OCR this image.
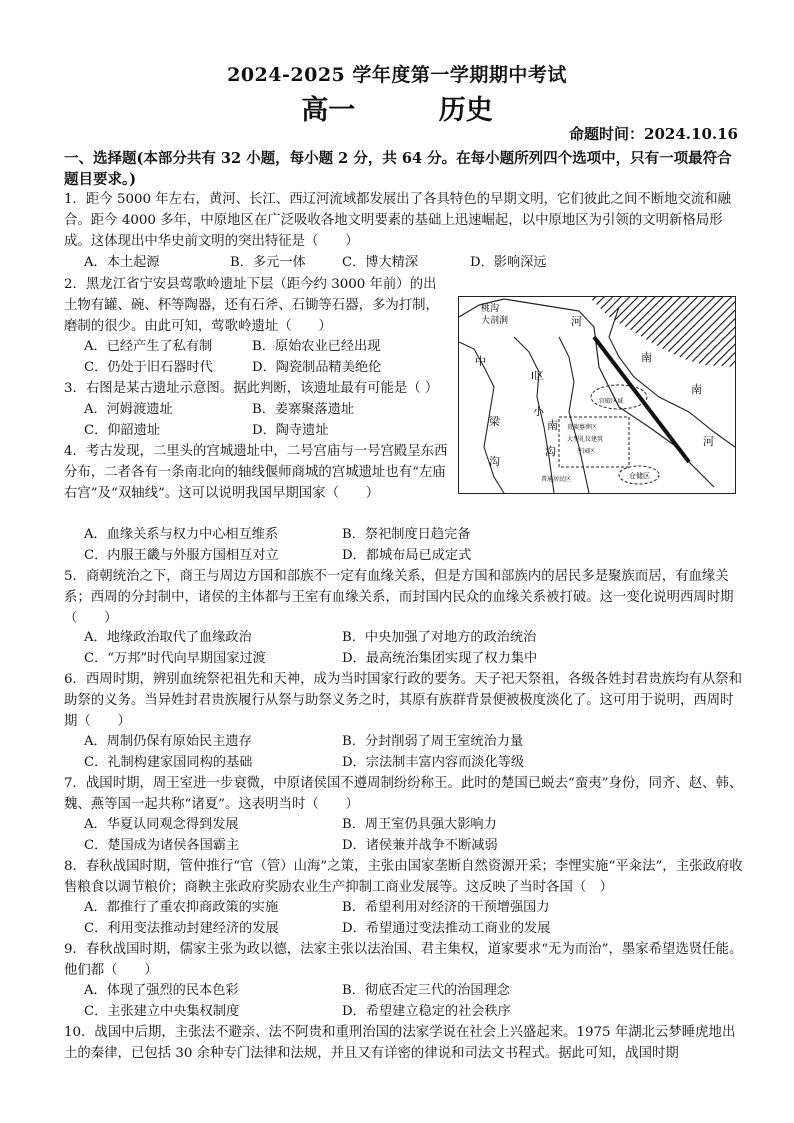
2024-2025 学年度第一学期期中考试
高一	历史
命题时间：2024.10.16
一、选择题(本部分共有 32 小题，每小题 2 分，共 64 分。在每小题所列四个选项中，只有一项最符合题目要求。)
1．距今 5000 年左右，黄河、长江、西辽河流域都发展出了各具特色的早期文明，它们彼此之间不断地交流和融合。距今 4000 多年，中原地区在广泛吸收各地文明要素的基础上迅速崛起，以中原地区为引领的文明新格局形成。这体现出中华史前文明的突出特征是（　　）
A．本土起源	B．多元一体	C．博大精深	D．影响深远
2．黑龙江省宁安县莺歌岭遗址下层（距今约 3000 年前）的出土物有罐、碗、杯等陶器，还有石斧、石锄等石器，多为打制，磨制的很少。由此可知，莺歌岭遗址（　　）
桃沟
大剖涧	河
I区
中
梁
沟
小
南
沟
南
南
河
宫殿区域
贵族墓葬区
大型礼仪建筑
庄园区
仓储区
普通居民区
A．已经产生了私有制	B．原始农业已经出现
C．仍处于旧石器时代	D．陶瓷制品精美绝伦
3．右图是某古遗址示意图。据此判断，该遗址最有可能是（ ）
A．河姆渡遗址	B．姜寨聚落遗址
C．仰韶遗址	D．陶寺遗址
4．考古发现，二里头的宫城遗址中，二号宫庙与一号宫殿呈东西分布，二者各有一条南北向的轴线偃师商城的宫城遗址也有“左庙右宫”及“双轴线”。这可以说明我国早期国家（　　）
A．血缘关系与权力中心相互维系	B．祭祀制度日趋完备
C．内服王畿与外服方国相互对立	D．都城布局已成定式
5．商朝统治之下，商王与周边方国和部族不一定有血缘关系，但是方国和部族内的居民多是聚族而居，有血缘关系；西周的分封制中，诸侯的主体都与王室有血缘关系，而封国内民众的血缘关系被打破。这一变化说明西周时期（　　）
A．地缘政治取代了血缘政治	B．中央加强了对地方的政治统治
C．“万邦”时代向早期国家过渡	D．最高统治集团实现了权力集中
6．西周时期，辨别血统祭祀祖先和天神，成为当时国家行政的要务。天子祀天祭祖，各级各姓封君贵族均有从祭和助祭的义务。当异姓封君贵族履行从祭与助祭义务之时，其原有族群背景便被极度淡化了。这可用于说明，西周时期（　　）
A．周制仍保有原始民主遗存	B．分封削弱了周王室统治力量
C．礼制构建家国同构的基础	D．宗法制丰富内容而淡化等级
7．战国时期，周王室进一步衰微，中原诸侯国不遵周制纷纷称王。此时的楚国已蜕去“蛮夷”身份，同齐、赵、韩、魏、燕等国一起共称“诸夏”。这表明当时（　　）
A．华夏认同观念得到发展	B．周王室仍具强大影响力
C．楚国成为诸侯各国霸主	D．诸侯兼并战争不断减弱
8．春秋战国时期，管仲推行“官（管）山海”之策，主张由国家垄断自然资源开采；李悝实施“平籴法”，主张政府收售粮食以调节粮价；商鞅主张政府奖励农业生产抑制工商业发展等。这反映了当时各国（　）
A．都推行了重农抑商政策的实施	B．希望利用对经济的干预增强国力
C．利用变法推动封建经济的发展	D．希望通过变法推动工商业的发展
9．春秋战国时期，儒家主张为政以德，法家主张以法治国、君主集权，道家要求“无为而治”，墨家希望选贤任能。他们都（　　）
A．体现了强烈的民本色彩	B．彻底否定三代的治国理念
C．主张建立中央集权制度	D．希望建立稳定的社会秩序
10．战国中后期，主张法不避亲、法不阿贵和重刑治国的法家学说在社会上兴盛起来。1975 年湖北云梦睡虎地出土的秦律，已包括 30 余种专门法律和法规，并且又有详密的律说和司法文书程式。据此可知，战国时期
